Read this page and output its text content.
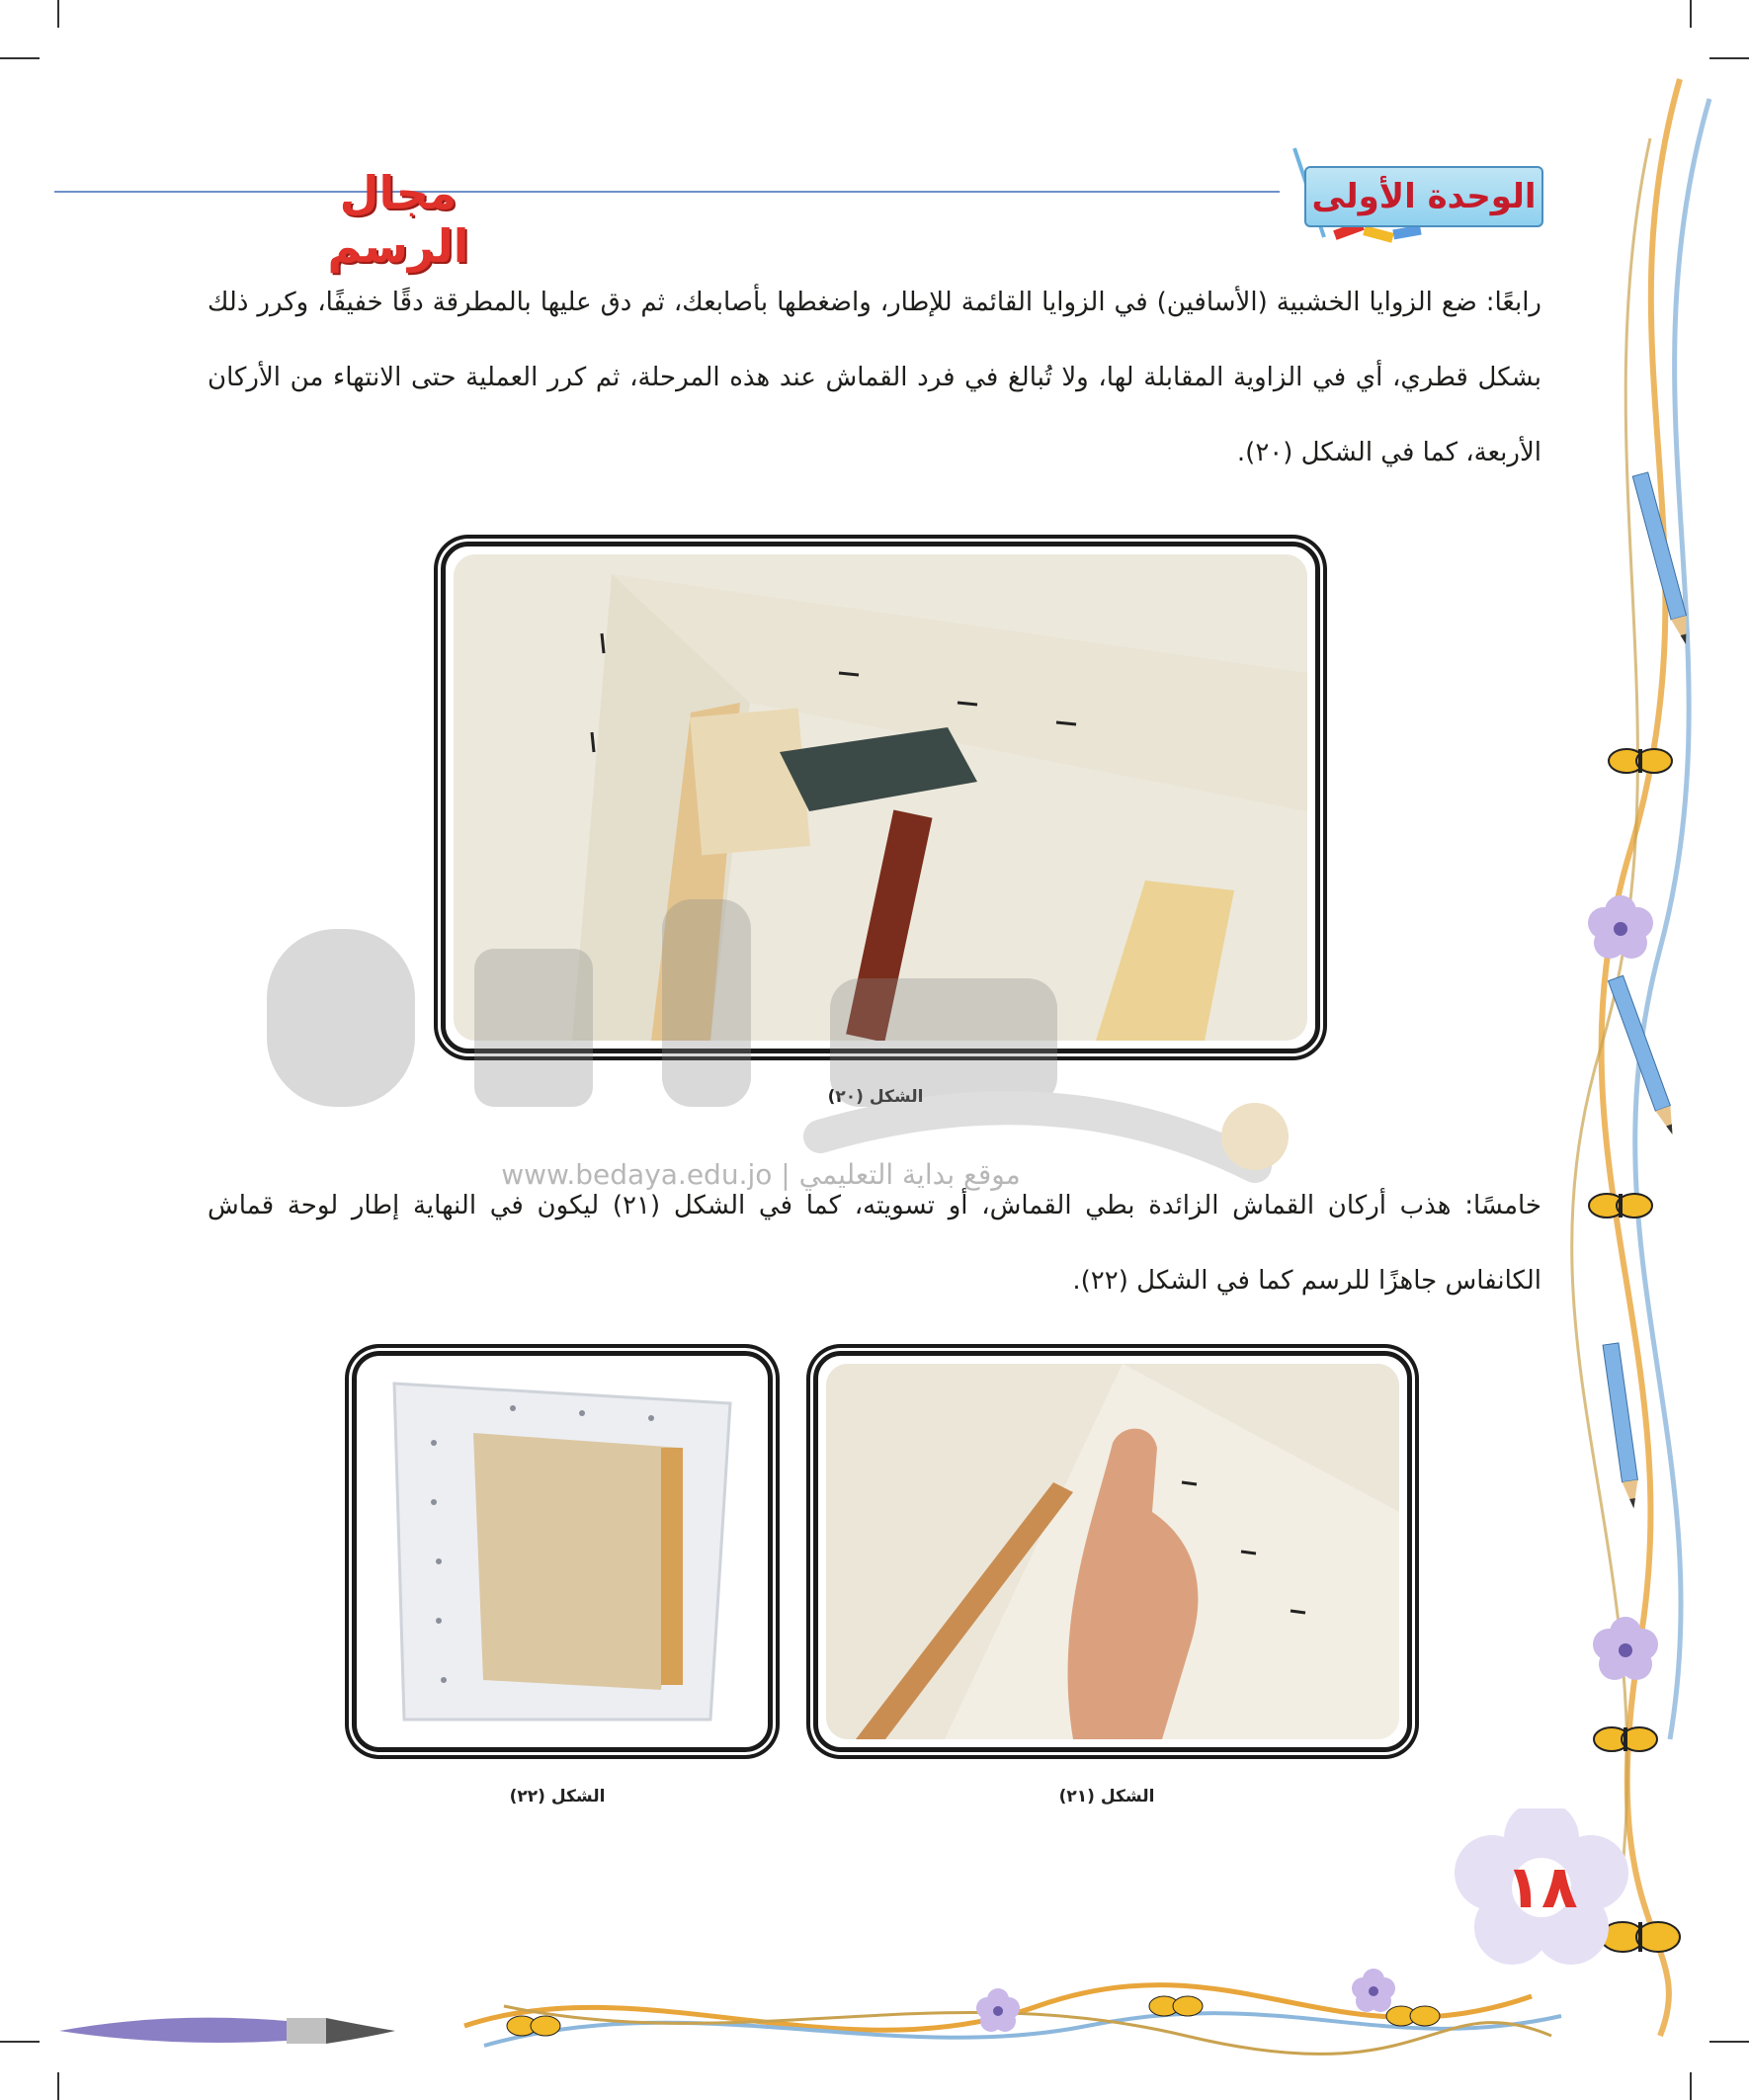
مجال الرسم
الوحدة الأولى
رابعًا: ضع الزوايا الخشبية (الأسافين) في الزوايا القائمة للإطار، واضغطها بأصابعك، ثم دق عليها بالمطرقة دقًا خفيفًا، وكرر ذلك بشكل قطري، أي في الزاوية المقابلة لها، ولا تُبالغ في فرد القماش عند هذه المرحلة، ثم كرر العملية حتى الانتهاء من الأركان الأربعة، كما في الشكل (٢٠).
الشكل (٢٠)
موقع بداية التعليمي | www.bedaya.edu.jo
خامسًا: هذب أركان القماش الزائدة بطي القماش، أو تسويته، كما في الشكل (٢١) ليكون في النهاية إطار لوحة قماش الكانفاس جاهزًا للرسم كما في الشكل (٢٢).
الشكل (٢١)
الشكل (٢٢)
١٨
